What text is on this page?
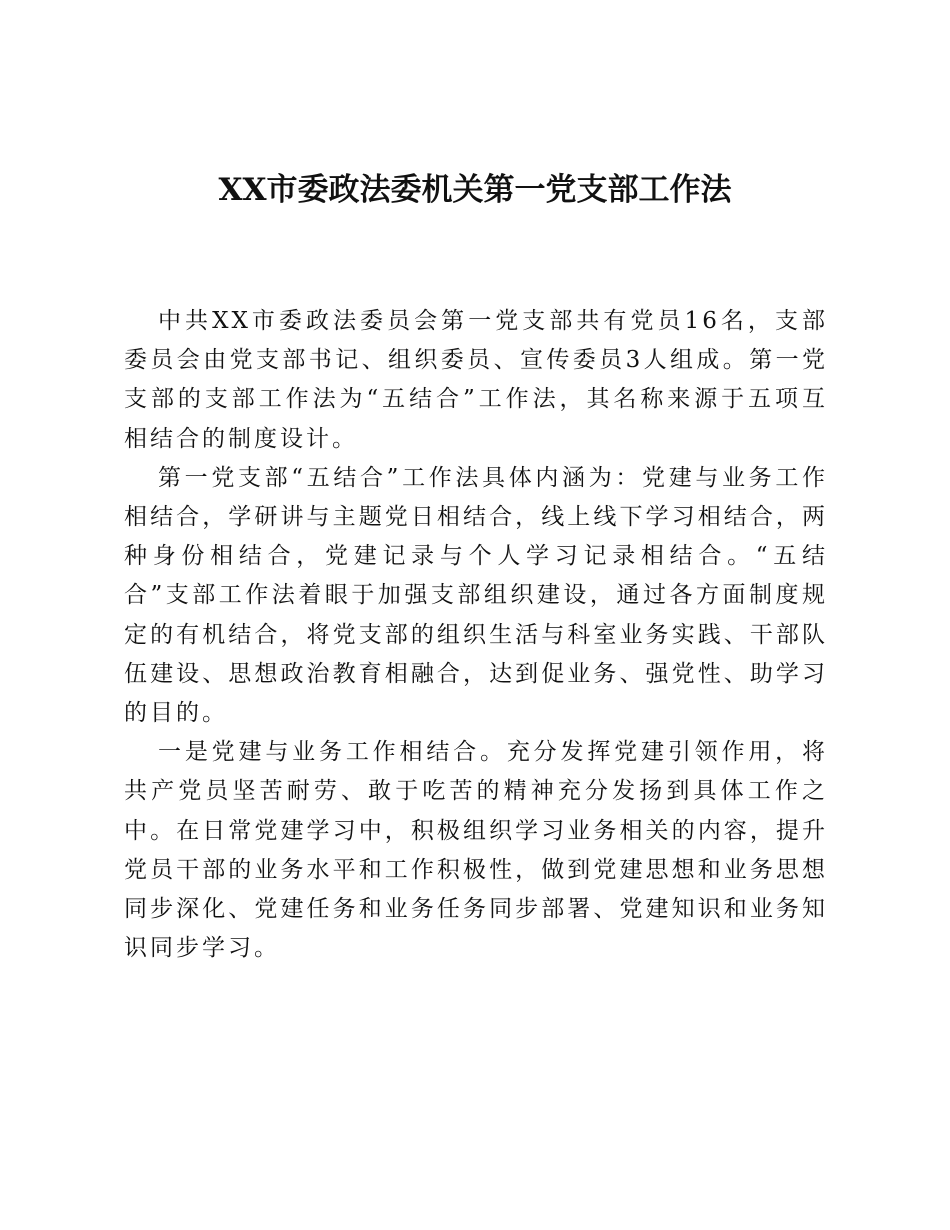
XX市委政法委机关第一党支部工作法

中共XX市委政法委员会第一党支部共有党员16名，支部委员会由党支部书记、组织委员、宣传委员3人组成。第一党支部的支部工作法为“五结合”工作法，其名称来源于五项互相结合的制度设计。

第一党支部“五结合”工作法具体内涵为：党建与业务工作相结合，学研讲与主题党日相结合，线上线下学习相结合，两种身份相结合，党建记录与个人学习记录相结合。“五结合”支部工作法着眼于加强支部组织建设，通过各方面制度规定的有机结合，将党支部的组织生活与科室业务实践、干部队伍建设、思想政治教育相融合，达到促业务、强党性、助学习的目的。

一是党建与业务工作相结合。充分发挥党建引领作用，将共产党员坚苦耐劳、敢于吃苦的精神充分发扬到具体工作之中。在日常党建学习中，积极组织学习业务相关的内容，提升党员干部的业务水平和工作积极性，做到党建思想和业务思想同步深化、党建任务和业务任务同步部署、党建知识和业务知识同步学习。
